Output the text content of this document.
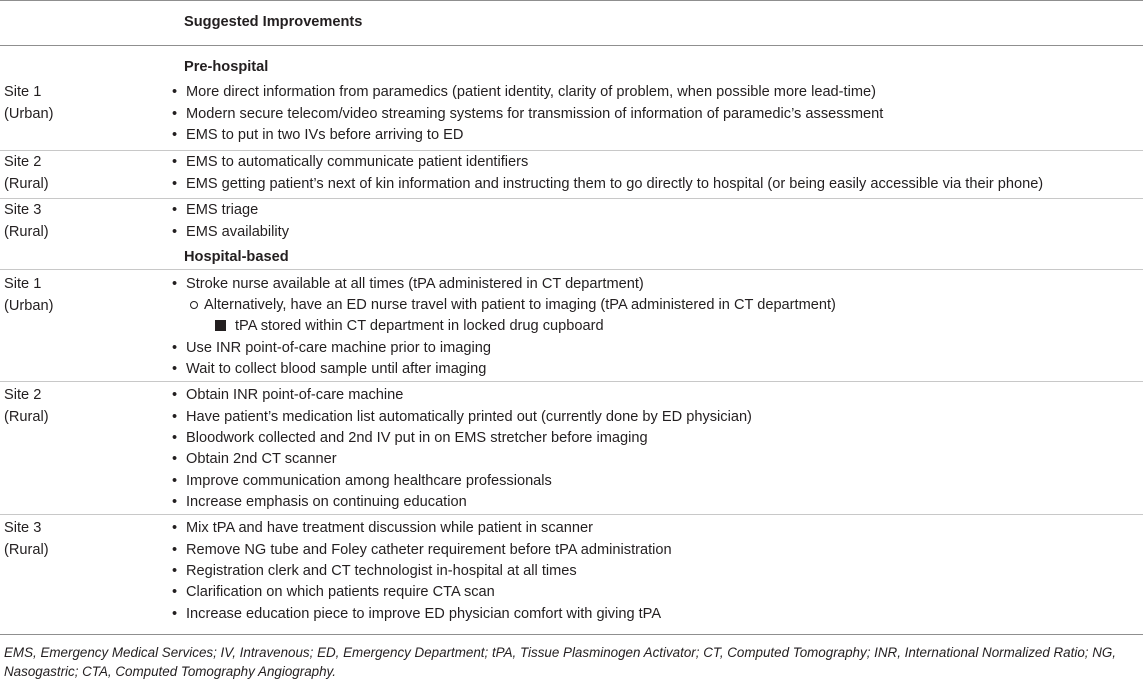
Suggested Improvements
Pre-hospital
Site 1
(Urban)
• More direct information from paramedics (patient identity, clarity of problem, when possible more lead-time)
• Modern secure telecom/video streaming systems for transmission of information of paramedic’s assessment
• EMS to put in two IVs before arriving to ED
Site 2
(Rural)
• EMS to automatically communicate patient identifiers
• EMS getting patient’s next of kin information and instructing them to go directly to hospital (or being easily accessible via their phone)
Site 3
(Rural)
• EMS triage
• EMS availability
Hospital-based
Site 1
(Urban)
• Stroke nurse available at all times (tPA administered in CT department)
Alternatively, have an ED nurse travel with patient to imaging (tPA administered in CT department)
tPA stored within CT department in locked drug cupboard
• Use INR point-of-care machine prior to imaging
• Wait to collect blood sample until after imaging
Site 2
(Rural)
• Obtain INR point-of-care machine
• Have patient’s medication list automatically printed out (currently done by ED physician)
• Bloodwork collected and 2nd IV put in on EMS stretcher before imaging
• Obtain 2nd CT scanner
• Improve communication among healthcare professionals
• Increase emphasis on continuing education
Site 3
(Rural)
• Mix tPA and have treatment discussion while patient in scanner
• Remove NG tube and Foley catheter requirement before tPA administration
• Registration clerk and CT technologist in-hospital at all times
• Clarification on which patients require CTA scan
• Increase education piece to improve ED physician comfort with giving tPA
EMS, Emergency Medical Services; IV, Intravenous; ED, Emergency Department; tPA, Tissue Plasminogen Activator; CT, Computed Tomography; INR, International Normalized Ratio; NG, Nasogastric; CTA, Computed Tomography Angiography.
